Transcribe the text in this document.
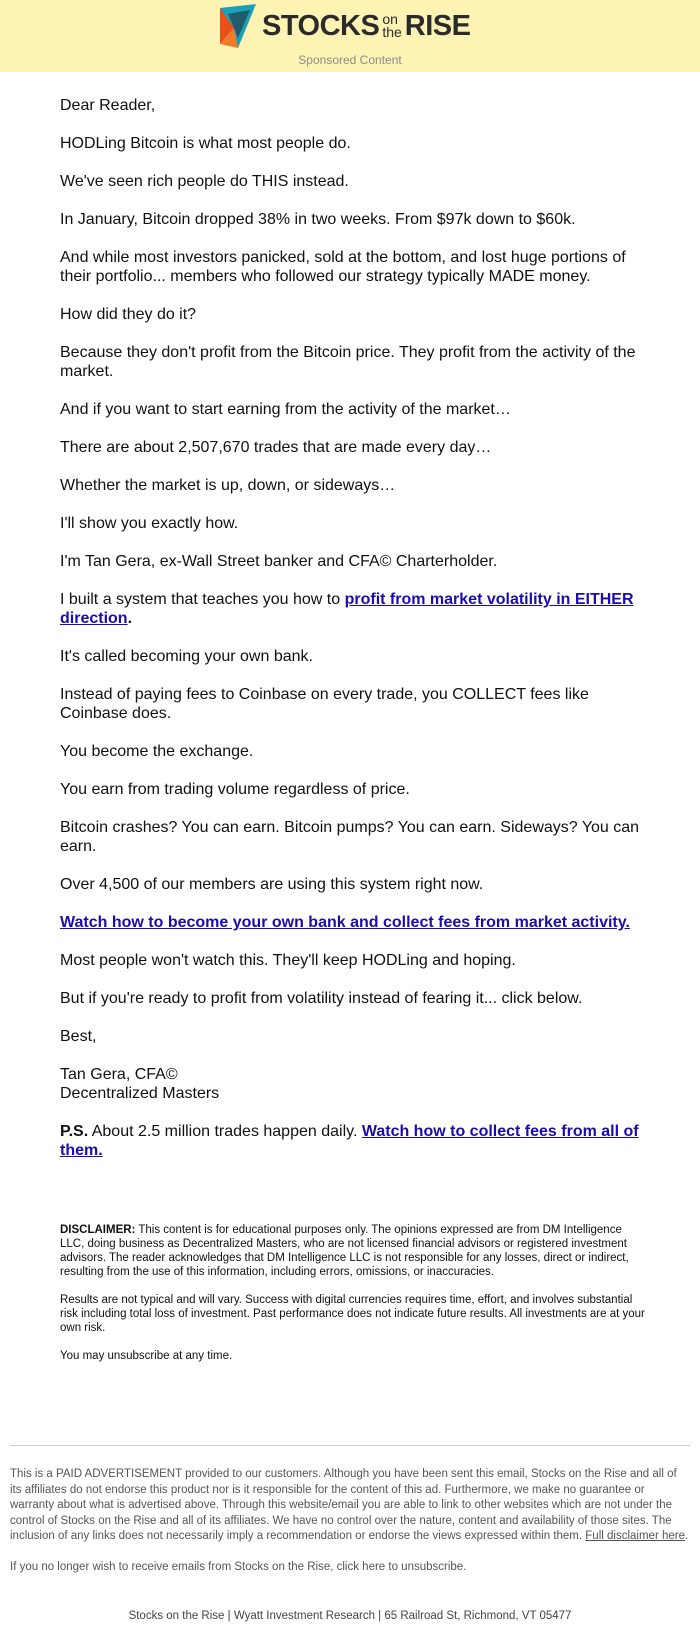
STOCKS on
the RISE
Sponsored Content

Dear Reader,

HODLing Bitcoin is what most people do.

We've seen rich people do THIS instead.

In January, Bitcoin dropped 38% in two weeks. From $97k down to $60k.

And while most investors panicked, sold at the bottom, and lost huge portions of their portfolio... members who followed our strategy typically MADE money.

How did they do it?

Because they don't profit from the Bitcoin price. They profit from the activity of the market.

And if you want to start earning from the activity of the market…

There are about 2,507,670 trades that are made every day…

Whether the market is up, down, or sideways…

I'll show you exactly how.

I'm Tan Gera, ex-Wall Street banker and CFA© Charterholder.

I built a system that teaches you how to profit from market volatility in EITHER direction.

It's called becoming your own bank.

Instead of paying fees to Coinbase on every trade, you COLLECT fees like Coinbase does.

You become the exchange.

You earn from trading volume regardless of price.

Bitcoin crashes? You can earn. Bitcoin pumps? You can earn. Sideways? You can earn.

Over 4,500 of our members are using this system right now.

Watch how to become your own bank and collect fees from market activity.

Most people won't watch this. They'll keep HODLing and hoping.

But if you're ready to profit from volatility instead of fearing it... click below.

Best,

Tan Gera, CFA©
Decentralized Masters

P.S. About 2.5 million trades happen daily. Watch how to collect fees from all of them.

DISCLAIMER: This content is for educational purposes only. The opinions expressed are from DM Intelligence LLC, doing business as Decentralized Masters, who are not licensed financial advisors or registered investment advisors. The reader acknowledges that DM Intelligence LLC is not responsible for any losses, direct or indirect, resulting from the use of this information, including errors, omissions, or inaccuracies.

Results are not typical and will vary. Success with digital currencies requires time, effort, and involves substantial risk including total loss of investment. Past performance does not indicate future results. All investments are at your own risk.

You may unsubscribe at any time.

This is a PAID ADVERTISEMENT provided to our customers. Although you have been sent this email, Stocks on the Rise and all of its affiliates do not endorse this product nor is it responsible for the content of this ad. Furthermore, we make no guarantee or warranty about what is advertised above. Through this website/email you are able to link to other websites which are not under the control of Stocks on the Rise and all of its affiliates. We have no control over the nature, content and availability of those sites. The inclusion of any links does not necessarily imply a recommendation or endorse the views expressed within them. Full disclaimer here.

If you no longer wish to receive emails from Stocks on the Rise, click here to unsubscribe.

Stocks on the Rise | Wyatt Investment Research | 65 Railroad St, Richmond, VT 05477
